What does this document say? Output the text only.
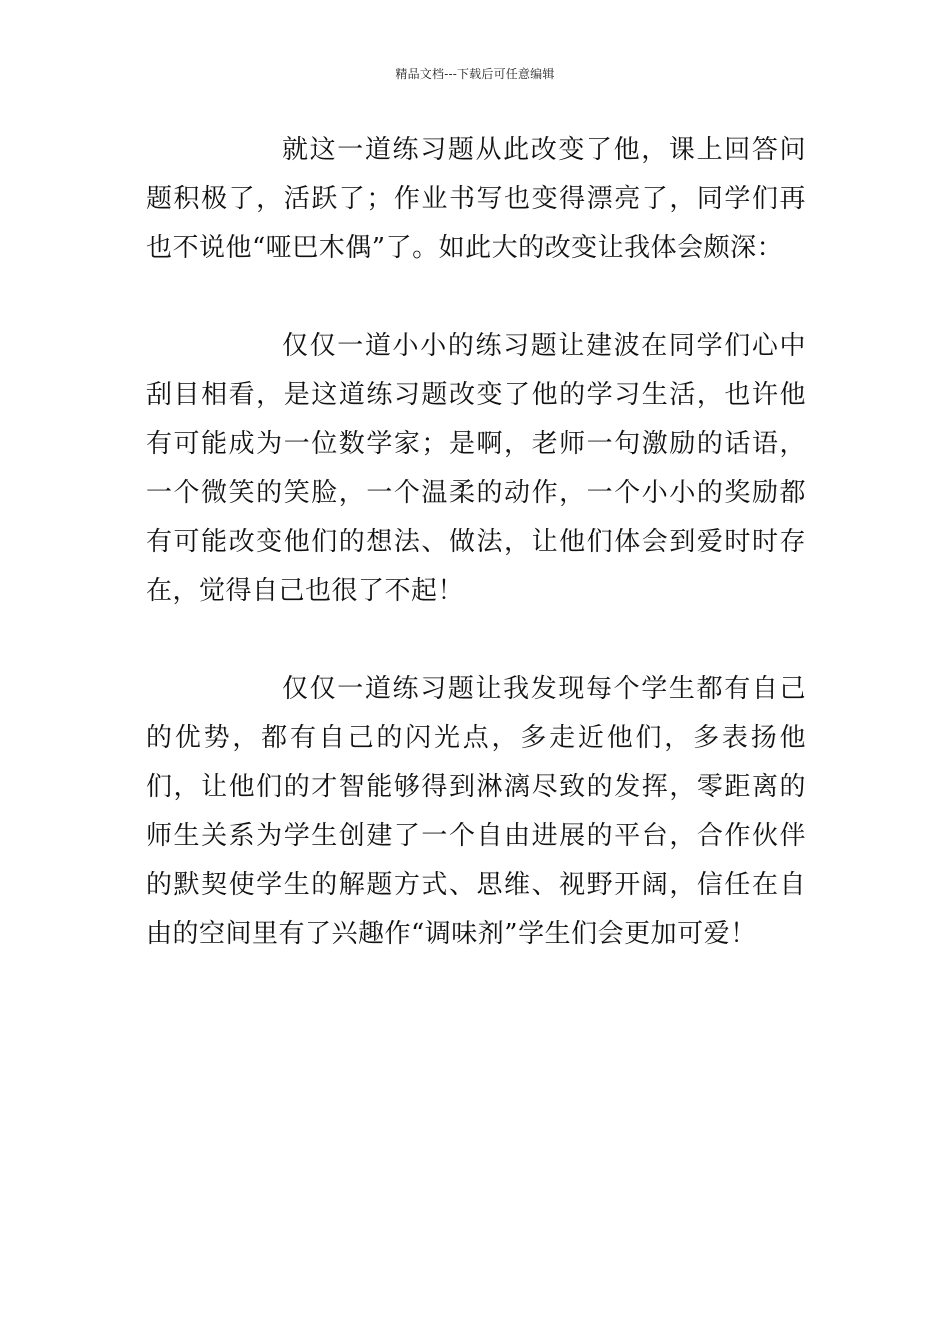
精品文档---下载后可任意编辑

就这一道练习题从此改变了他，课上回答问题积极了，活跃了；作业书写也变得漂亮了，同学们再也不说他“哑巴木偶”了。如此大的改变让我体会颇深：

仅仅一道小小的练习题让建波在同学们心中刮目相看，是这道练习题改变了他的学习生活，也许他有可能成为一位数学家；是啊，老师一句激励的话语，一个微笑的笑脸，一个温柔的动作，一个小小的奖励都有可能改变他们的想法、做法，让他们体会到爱时时存在，觉得自己也很了不起！

仅仅一道练习题让我发现每个学生都有自己的优势，都有自己的闪光点，多走近他们，多表扬他们，让他们的才智能够得到淋漓尽致的发挥，零距离的师生关系为学生创建了一个自由进展的平台，合作伙伴的默契使学生的解题方式、思维、视野开阔，信任在自由的空间里有了兴趣作“调味剂”学生们会更加可爱！
